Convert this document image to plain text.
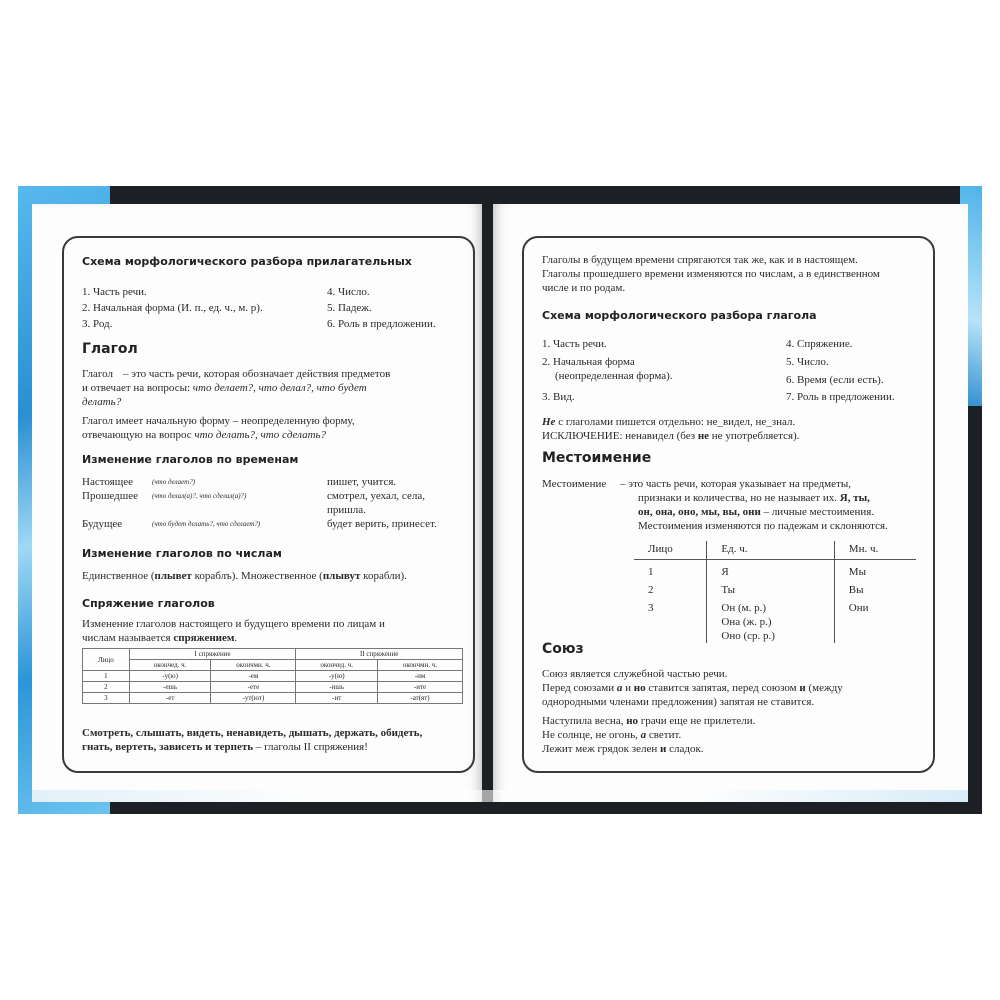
Схема морфологического разбора прилагательных
1. Часть речи.
2. Начальная форма (И. п., ед. ч., м. р).
3. Род.
4. Число.
5. Падеж.
6. Роль в предложении.
Глагол
Глагол – это часть речи, которая обозначает действия предметов
и отвечает на вопросы: что делает?, что делал?, что будет
делать?
Глагол имеет начальную форму – неопределенную форму,
отвечающую на вопрос что делать?, что сделать?
Изменение глаголов по временам
Настоящее	(что делает?)	пишет, учится.
Прошедшее (что делал(а)?, что сделал(а)?)	смотрел, уехал, села,
пришла.
Будущее	(что будет делать?, что сделает?)	будет верить, принесет.
Изменение глаголов по числам
Единственное (плывет кораблъ). Множественное (плывут корабли).
Спряжение глаголов
Изменение глаголов настоящего и будущего времени по лицам и
числам называется спряжением.
Лицо	I спряжение		II спряжение	
	окончед. ч.	окончмн. ч.	окончед. ч.	окончмн. ч.
1	-у(ю)	-ем	-у(ю)	-им
2	-ешь	-ете	-ишь	-ите
3	-ет	-ут(ют)	-ит	-ат(ят)
Смотреть, слышать, видеть, ненавидеть, дышать, держать, обидеть,
гнать, вертеть, зависеть и терпеть – глаголы II спряжения!
Глаголы в будущем времени спрягаются так же, как и в настоящем.
Глаголы прошедшего времени изменяются по числам, а в единственном
числе и по родам.
Схема морфологического разбора глагола
1. Часть речи.
2. Начальная форма
(неопределенная форма).
3. Вид.
4. Спряжение.
5. Число.
6. Время (если есть).
7. Роль в предложении.
Не с глаголами пишется отдельно: не_видел, не_знал.
ИСКЛЮЧЕНИЕ: ненавидел (без не не употребляется).
Местоимение
Местоимение – это часть речи, которая указывает на предметы,
признаки и количества, но не называет их. Я, ты,
он, она, оно, мы, вы, они – личные местоимения.
Местоимения изменяются по падежам и склоняются.
Лицо	Ед. ч.	Мн. ч.
1	Я	Мы
2	Ты	Вы
3	Он (м. р.)	Они
	Она (ж. р.)	
	Оно (ср. р.)	
Союз
Союз является служебной частью речи.
Перед союзами а и но ставится запятая, перед союзом и (между
однородными членами предложения) запятая не ставится.
Наступила весна, но грачи еще не прилетели.
Не солнце, не огонь, а светит.
Лежит меж грядок зелен и сладок.
